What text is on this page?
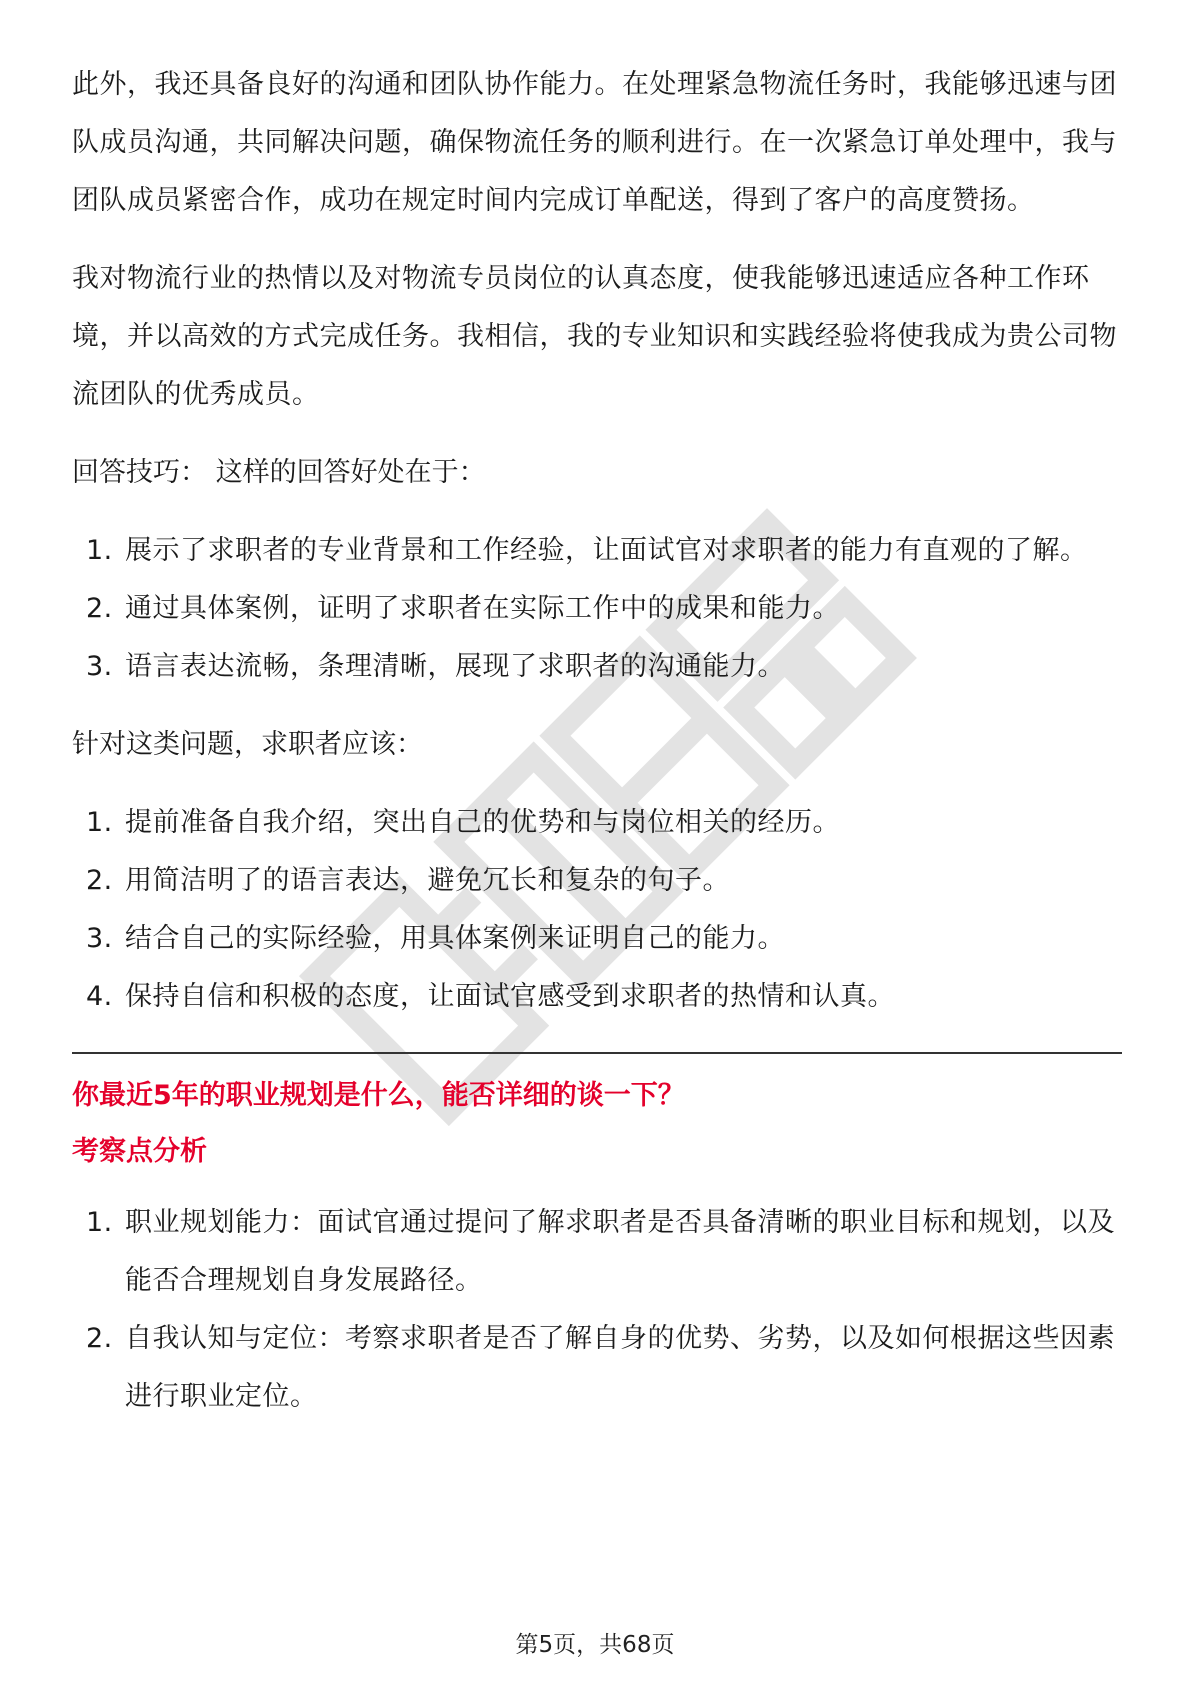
此外，我还具备良好的沟通和团队协作能力。在处理紧急物流任务时，我能够迅速与团队成员沟通，共同解决问题，确保物流任务的顺利进行。在一次紧急订单处理中，我与团队成员紧密合作，成功在规定时间内完成订单配送，得到了客户的高度赞扬。

我对物流行业的热情以及对物流专员岗位的认真态度，使我能够迅速适应各种工作环境，并以高效的方式完成任务。我相信，我的专业知识和实践经验将使我成为贵公司物流团队的优秀成员。

回答技巧： 这样的回答好处在于：

1. 展示了求职者的专业背景和工作经验，让面试官对求职者的能力有直观的了解。
2. 通过具体案例，证明了求职者在实际工作中的成果和能力。
3. 语言表达流畅，条理清晰，展现了求职者的沟通能力。

针对这类问题，求职者应该：

1. 提前准备自我介绍，突出自己的优势和与岗位相关的经历。
2. 用简洁明了的语言表达，避免冗长和复杂的句子。
3. 结合自己的实际经验，用具体案例来证明自己的能力。
4. 保持自信和积极的态度，让面试官感受到求职者的热情和认真。

你最近5年的职业规划是什么，能否详细的谈一下？

考察点分析

1. 职业规划能力：面试官通过提问了解求职者是否具备清晰的职业目标和规划，以及能否合理规划自身发展路径。
2. 自我认知与定位：考察求职者是否了解自身的优势、劣势，以及如何根据这些因素进行职业定位。
第5页，共68页
